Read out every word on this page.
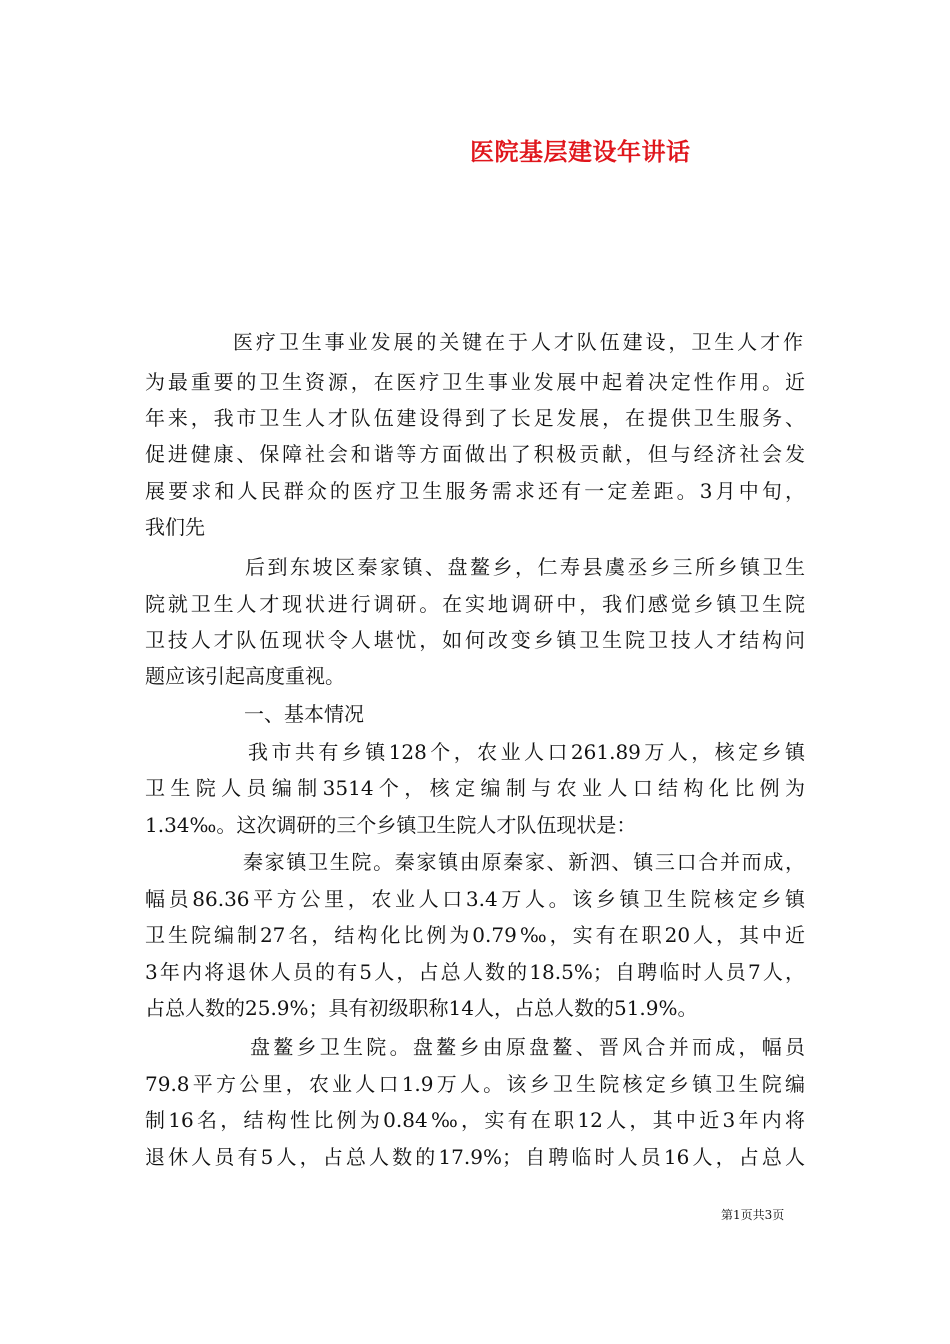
医院基层建设年讲话

医疗卫生事业发展的关键在于人才队伍建设，卫生人才作

为最重要的卫生资源，在医疗卫生事业发展中起着决定性作用。近

年来，我市卫生人才队伍建设得到了长足发展，在提供卫生服务、

促进健康、保障社会和谐等方面做出了积极贡献，但与经济社会发

展要求和人民群众的医疗卫生服务需求还有一定差距。3月中旬，

我们先

后到东坡区秦家镇、盘鳌乡，仁寿县虞丞乡三所乡镇卫生

院就卫生人才现状进行调研。在实地调研中，我们感觉乡镇卫生院

卫技人才队伍现状令人堪忧，如何改变乡镇卫生院卫技人才结构问

题应该引起高度重视。

一、基本情况

我市共有乡镇128个，农业人口261.89万人，核定乡镇

卫生院人员编制3514个，核定编制与农业人口结构化比例为

1.34‰。这次调研的三个乡镇卫生院人才队伍现状是：

秦家镇卫生院。秦家镇由原秦家、新泗、镇三口合并而成，

幅员86.36平方公里，农业人口3.4万人。该乡镇卫生院核定乡镇

卫生院编制27名，结构化比例为0.79‰，实有在职20人，其中近

3年内将退休人员的有5人，占总人数的18.5%；自聘临时人员7人，

占总人数的25.9%；具有初级职称14人，占总人数的51.9%。

盘鳌乡卫生院。盘鳌乡由原盘鳌、晋风合并而成，幅员

79.8平方公里，农业人口1.9万人。该乡卫生院核定乡镇卫生院编

制16名，结构性比例为0.84‰，实有在职12人，其中近3年内将

退休人员有5人，占总人数的17.9%；自聘临时人员16人，占总人

第1页共3页
